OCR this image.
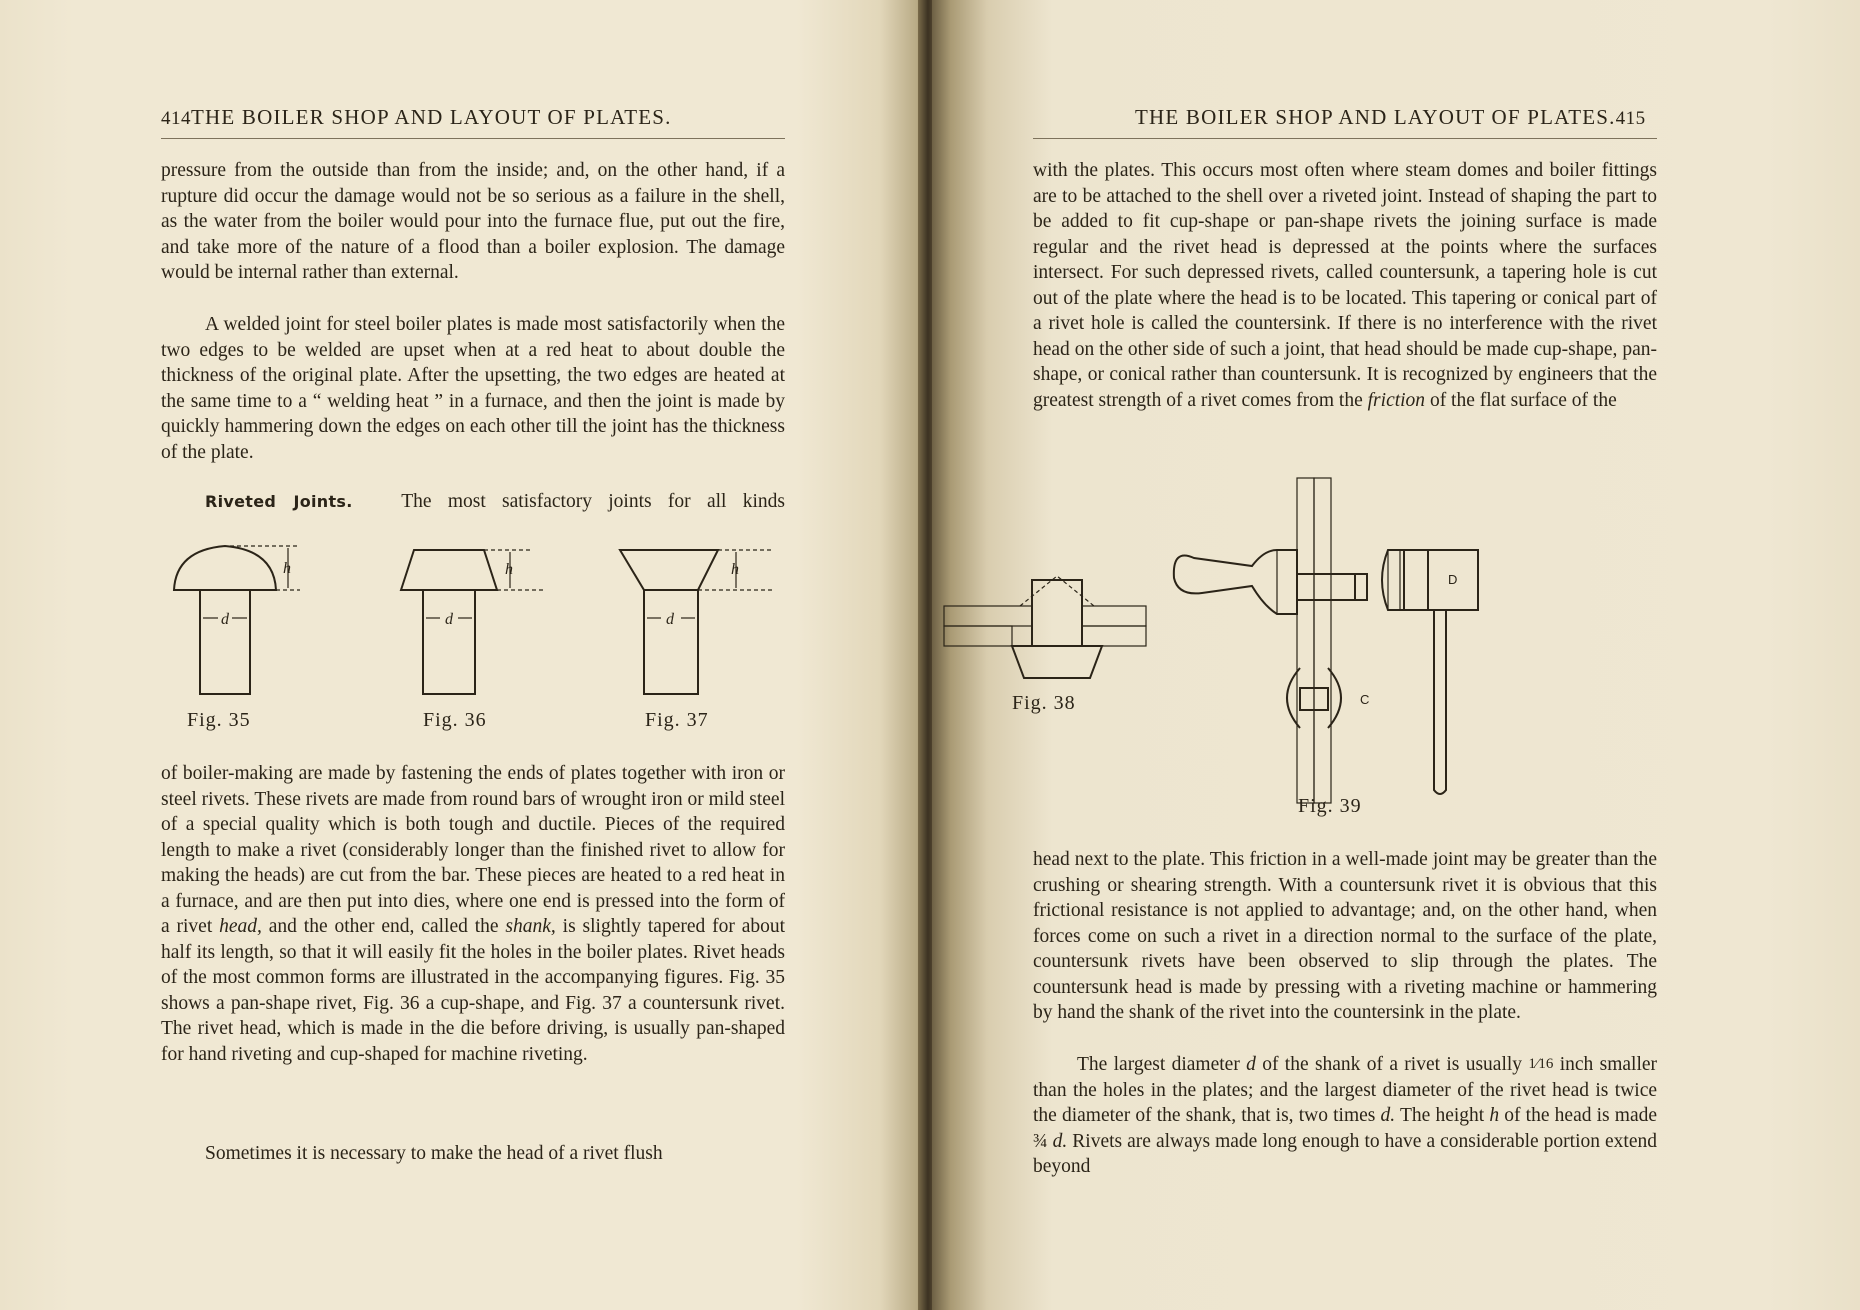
414THE BOILER SHOP AND LAYOUT OF PLATES.

pressure from the outside than from the inside; and, on the other hand, if a rupture did occur the damage would not be so serious as a failure in the shell, as the water from the boiler would pour into the furnace flue, put out the fire, and take more of the nature of a flood than a boiler explosion. The damage would be internal rather than external.

A welded joint for steel boiler plates is made most satisfactorily when the two edges to be welded are upset when at a red heat to about double the thickness of the original plate. After the upsetting, the two edges are heated at the same time to a “ welding heat ” in a furnace, and then the joint is made by quickly hammering down the edges on each other till the joint has the thickness of the plate.

Riveted Joints. The most satisfactory joints for all kinds

h
d
Fig. 35
h
d
Fig. 36
h
d
Fig. 37

of boiler-making are made by fastening the ends of plates together with iron or steel rivets. These rivets are made from round bars of wrought iron or mild steel of a special quality which is both tough and ductile. Pieces of the required length to make a rivet (considerably longer than the finished rivet to allow for making the heads) are cut from the bar. These pieces are heated to a red heat in a furnace, and are then put into dies, where one end is pressed into the form of a rivet head, and the other end, called the shank, is slightly tapered for about half its length, so that it will easily fit the holes in the boiler plates. Rivet heads of the most common forms are illustrated in the accompanying figures. Fig. 35 shows a pan-shape rivet, Fig. 36 a cup-shape, and Fig. 37 a countersunk rivet. The rivet head, which is made in the die before driving, is usually pan-shaped for hand riveting and cup-shaped for machine riveting.

Sometimes it is necessary to make the head of a rivet flush

THE BOILER SHOP AND LAYOUT OF PLATES.415

with the plates. This occurs most often where steam domes and boiler fittings are to be attached to the shell over a riveted joint. Instead of shaping the part to be added to fit cup-shape or pan-shape rivets the joining surface is made regular and the rivet head is depressed at the points where the surfaces intersect. For such depressed rivets, called countersunk, a tapering hole is cut out of the plate where the head is to be located. This tapering or conical part of a rivet hole is called the countersink. If there is no interference with the rivet head on the other side of such a joint, that head should be made cup-shape, pan-shape, or conical rather than countersunk. It is recognized by engineers that the greatest strength of a rivet comes from the friction of the flat surface of the

Fig. 38	C
D
Fig. 39

head next to the plate. This friction in a well-made joint may be greater than the crushing or shearing strength. With a countersunk rivet it is obvious that this frictional resistance is not applied to advantage; and, on the other hand, when forces come on such a rivet in a direction normal to the surface of the plate, countersunk rivets have been observed to slip through the plates. The countersunk head is made by pressing with a riveting machine or hammering by hand the shank of the rivet into the countersink in the plate.

The largest diameter d of the shank of a rivet is usually 1⁄16 inch smaller than the holes in the plates; and the largest diameter of the rivet head is twice the diameter of the shank, that is, two times d. The height h of the head is made ¾ d. Rivets are always made long enough to have a considerable portion extend beyond
